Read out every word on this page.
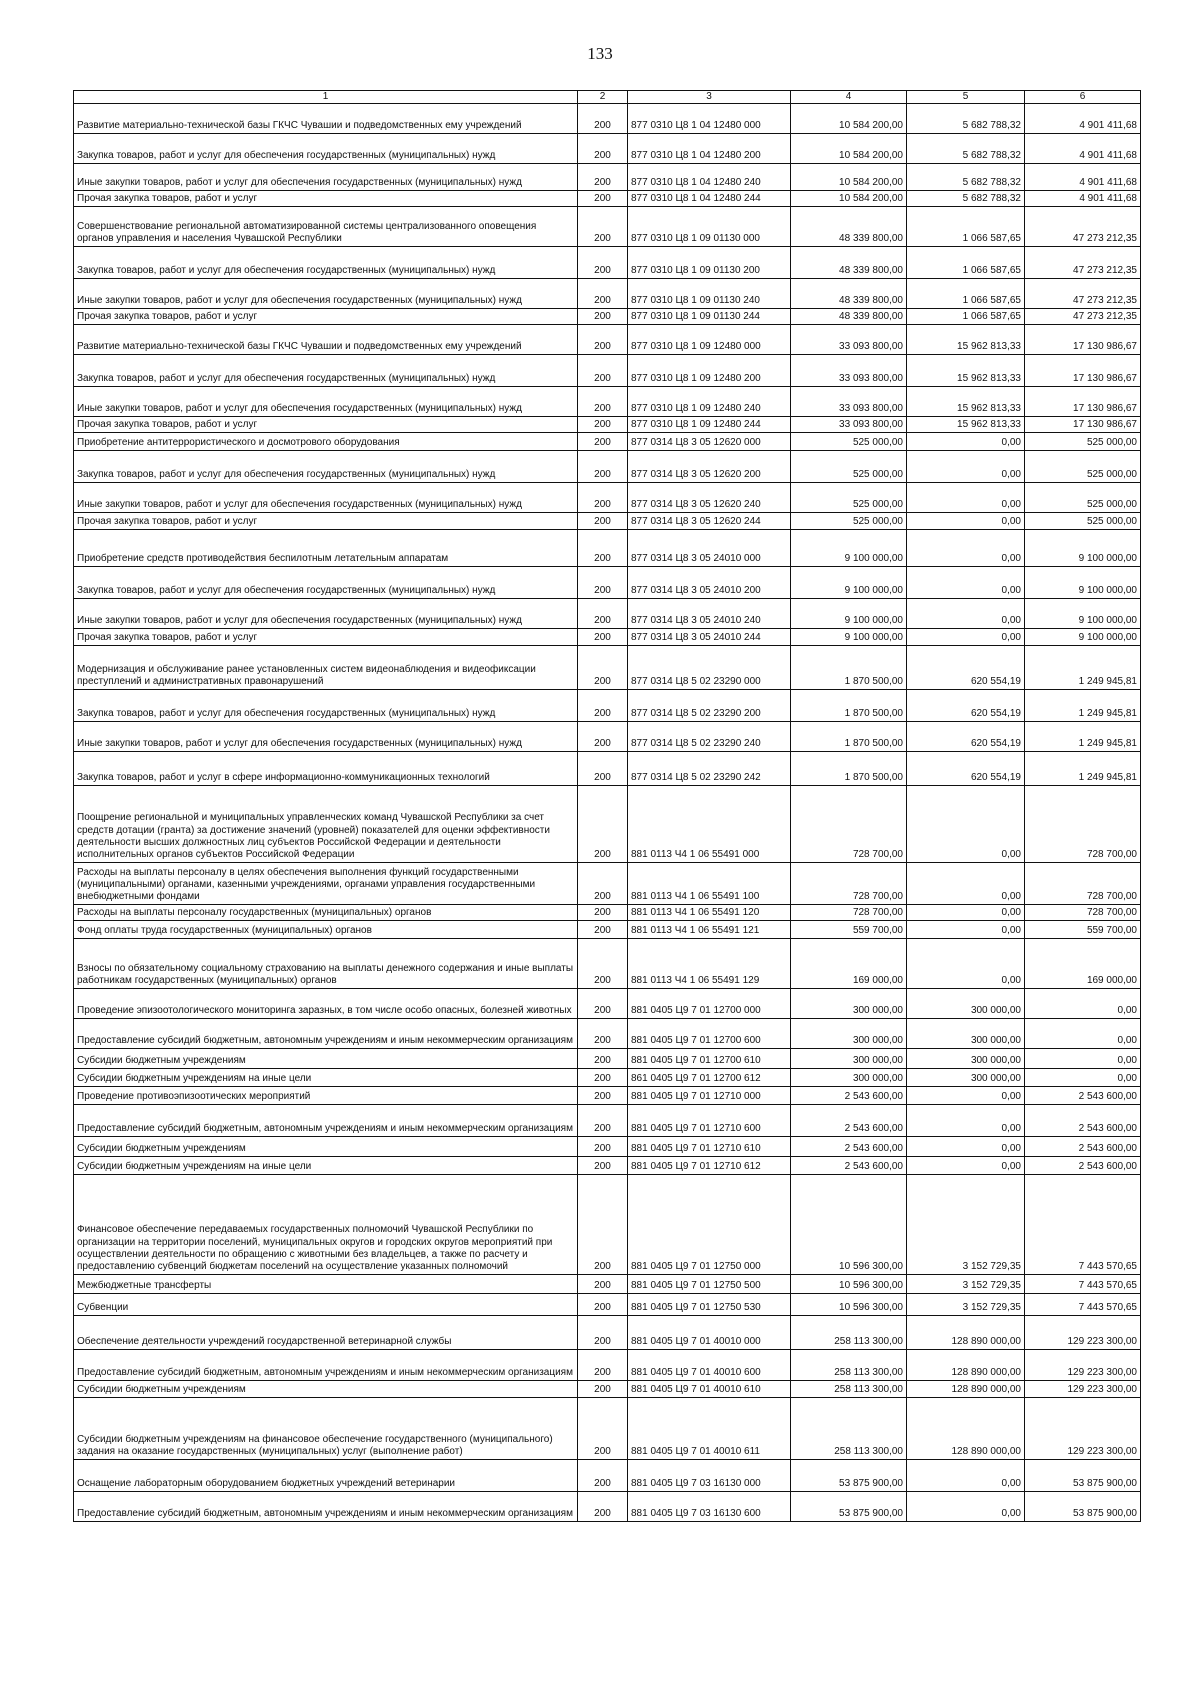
133
1	2	3	4	5	6
Развитие материально-технической базы ГКЧС Чувашии и подведомственных ему учреждений	200	877 0310 Ц8 1 04 12480 000	10 584 200,00	5 682 788,32	4 901 411,68
Закупка товаров, работ и услуг для обеспечения государственных (муниципальных) нужд	200	877 0310 Ц8 1 04 12480 200	10 584 200,00	5 682 788,32	4 901 411,68
Иные закупки товаров, работ и услуг для обеспечения государственных (муниципальных) нужд	200	877 0310 Ц8 1 04 12480 240	10 584 200,00	5 682 788,32	4 901 411,68
Прочая закупка товаров, работ и услуг	200	877 0310 Ц8 1 04 12480 244	10 584 200,00	5 682 788,32	4 901 411,68
Совершенствование региональной автоматизированной системы централизованного оповещения органов управления и населения Чувашской Республики	200	877 0310 Ц8 1 09 01130 000	48 339 800,00	1 066 587,65	47 273 212,35
Закупка товаров, работ и услуг для обеспечения государственных (муниципальных) нужд	200	877 0310 Ц8 1 09 01130 200	48 339 800,00	1 066 587,65	47 273 212,35
Иные закупки товаров, работ и услуг для обеспечения государственных (муниципальных) нужд	200	877 0310 Ц8 1 09 01130 240	48 339 800,00	1 066 587,65	47 273 212,35
Прочая закупка товаров, работ и услуг	200	877 0310 Ц8 1 09 01130 244	48 339 800,00	1 066 587,65	47 273 212,35
Развитие материально-технической базы ГКЧС Чувашии и подведомственных ему учреждений	200	877 0310 Ц8 1 09 12480 000	33 093 800,00	15 962 813,33	17 130 986,67
Закупка товаров, работ и услуг для обеспечения государственных (муниципальных) нужд	200	877 0310 Ц8 1 09 12480 200	33 093 800,00	15 962 813,33	17 130 986,67
Иные закупки товаров, работ и услуг для обеспечения государственных (муниципальных) нужд	200	877 0310 Ц8 1 09 12480 240	33 093 800,00	15 962 813,33	17 130 986,67
Прочая закупка товаров, работ и услуг	200	877 0310 Ц8 1 09 12480 244	33 093 800,00	15 962 813,33	17 130 986,67
Приобретение антитеррористического и досмотрового оборудования	200	877 0314 Ц8 3 05 12620 000	525 000,00	0,00	525 000,00
Закупка товаров, работ и услуг для обеспечения государственных (муниципальных) нужд	200	877 0314 Ц8 3 05 12620 200	525 000,00	0,00	525 000,00
Иные закупки товаров, работ и услуг для обеспечения государственных (муниципальных) нужд	200	877 0314 Ц8 3 05 12620 240	525 000,00	0,00	525 000,00
Прочая закупка товаров, работ и услуг	200	877 0314 Ц8 3 05 12620 244	525 000,00	0,00	525 000,00
Приобретение средств противодействия беспилотным летательным аппаратам	200	877 0314 Ц8 3 05 24010 000	9 100 000,00	0,00	9 100 000,00
Закупка товаров, работ и услуг для обеспечения государственных (муниципальных) нужд	200	877 0314 Ц8 3 05 24010 200	9 100 000,00	0,00	9 100 000,00
Иные закупки товаров, работ и услуг для обеспечения государственных (муниципальных) нужд	200	877 0314 Ц8 3 05 24010 240	9 100 000,00	0,00	9 100 000,00
Прочая закупка товаров, работ и услуг	200	877 0314 Ц8 3 05 24010 244	9 100 000,00	0,00	9 100 000,00
Модернизация и обслуживание ранее установленных систем видеонаблюдения и видеофиксации преступлений и административных правонарушений	200	877 0314 Ц8 5 02 23290 000	1 870 500,00	620 554,19	1 249 945,81
Закупка товаров, работ и услуг для обеспечения государственных (муниципальных) нужд	200	877 0314 Ц8 5 02 23290 200	1 870 500,00	620 554,19	1 249 945,81
Иные закупки товаров, работ и услуг для обеспечения государственных (муниципальных) нужд	200	877 0314 Ц8 5 02 23290 240	1 870 500,00	620 554,19	1 249 945,81
Закупка товаров, работ и услуг в сфере информационно-коммуникационных технологий	200	877 0314 Ц8 5 02 23290 242	1 870 500,00	620 554,19	1 249 945,81
Поощрение региональной и муниципальных управленческих команд Чувашской Республики за счет средств дотации (гранта) за достижение значений (уровней) показателей для оценки эффективности деятельности высших должностных лиц субъектов Российской Федерации и деятельности исполнительных органов субъектов Российской Федерации	200	881 0113 Ч4 1 06 55491 000	728 700,00	0,00	728 700,00
Расходы на выплаты персоналу в целях обеспечения выполнения функций государственными (муниципальными) органами, казенными учреждениями, органами управления государственными внебюджетными фондами	200	881 0113 Ч4 1 06 55491 100	728 700,00	0,00	728 700,00
Расходы на выплаты персоналу государственных (муниципальных) органов	200	881 0113 Ч4 1 06 55491 120	728 700,00	0,00	728 700,00
Фонд оплаты труда государственных (муниципальных) органов	200	881 0113 Ч4 1 06 55491 121	559 700,00	0,00	559 700,00
Взносы по обязательному социальному страхованию на выплаты денежного содержания и иные выплаты работникам государственных (муниципальных) органов	200	881 0113 Ч4 1 06 55491 129	169 000,00	0,00	169 000,00
Проведение эпизоотологического мониторинга заразных, в том числе особо опасных, болезней животных	200	881 0405 Ц9 7 01 12700 000	300 000,00	300 000,00	0,00
Предоставление субсидий бюджетным, автономным учреждениям и иным некоммерческим организациям	200	881 0405 Ц9 7 01 12700 600	300 000,00	300 000,00	0,00
Субсидии бюджетным учреждениям	200	881 0405 Ц9 7 01 12700 610	300 000,00	300 000,00	0,00
Субсидии бюджетным учреждениям на иные цели	200	861 0405 Ц9 7 01 12700 612	300 000,00	300 000,00	0,00
Проведение противоэпизоотических мероприятий	200	881 0405 Ц9 7 01 12710 000	2 543 600,00	0,00	2 543 600,00
Предоставление субсидий бюджетным, автономным учреждениям и иным некоммерческим организациям	200	881 0405 Ц9 7 01 12710 600	2 543 600,00	0,00	2 543 600,00
Субсидии бюджетным учреждениям	200	881 0405 Ц9 7 01 12710 610	2 543 600,00	0,00	2 543 600,00
Субсидии бюджетным учреждениям на иные цели	200	881 0405 Ц9 7 01 12710 612	2 543 600,00	0,00	2 543 600,00
Финансовое обеспечение передаваемых государственных полномочий Чувашской Республики по организации на территории поселений, муниципальных округов и городских округов мероприятий при осуществлении деятельности по обращению с животными без владельцев, а также по расчету и предоставлению субвенций бюджетам поселений на осуществление указанных полномочий	200	881 0405 Ц9 7 01 12750 000	10 596 300,00	3 152 729,35	7 443 570,65
Межбюджетные трансферты	200	881 0405 Ц9 7 01 12750 500	10 596 300,00	3 152 729,35	7 443 570,65
Субвенции	200	881 0405 Ц9 7 01 12750 530	10 596 300,00	3 152 729,35	7 443 570,65
Обеспечение деятельности учреждений государственной ветеринарной службы	200	881 0405 Ц9 7 01 40010 000	258 113 300,00	128 890 000,00	129 223 300,00
Предоставление субсидий бюджетным, автономным учреждениям и иным некоммерческим организациям	200	881 0405 Ц9 7 01 40010 600	258 113 300,00	128 890 000,00	129 223 300,00
Субсидии бюджетным учреждениям	200	881 0405 Ц9 7 01 40010 610	258 113 300,00	128 890 000,00	129 223 300,00
Субсидии бюджетным учреждениям на финансовое обеспечение государственного (муниципального) задания на оказание государственных (муниципальных) услуг (выполнение работ)	200	881 0405 Ц9 7 01 40010 611	258 113 300,00	128 890 000,00	129 223 300,00
Оснащение лабораторным оборудованием бюджетных учреждений ветеринарии	200	881 0405 Ц9 7 03 16130 000	53 875 900,00	0,00	53 875 900,00
Предоставление субсидий бюджетным, автономным учреждениям и иным некоммерческим организациям	200	881 0405 Ц9 7 03 16130 600	53 875 900,00	0,00	53 875 900,00
